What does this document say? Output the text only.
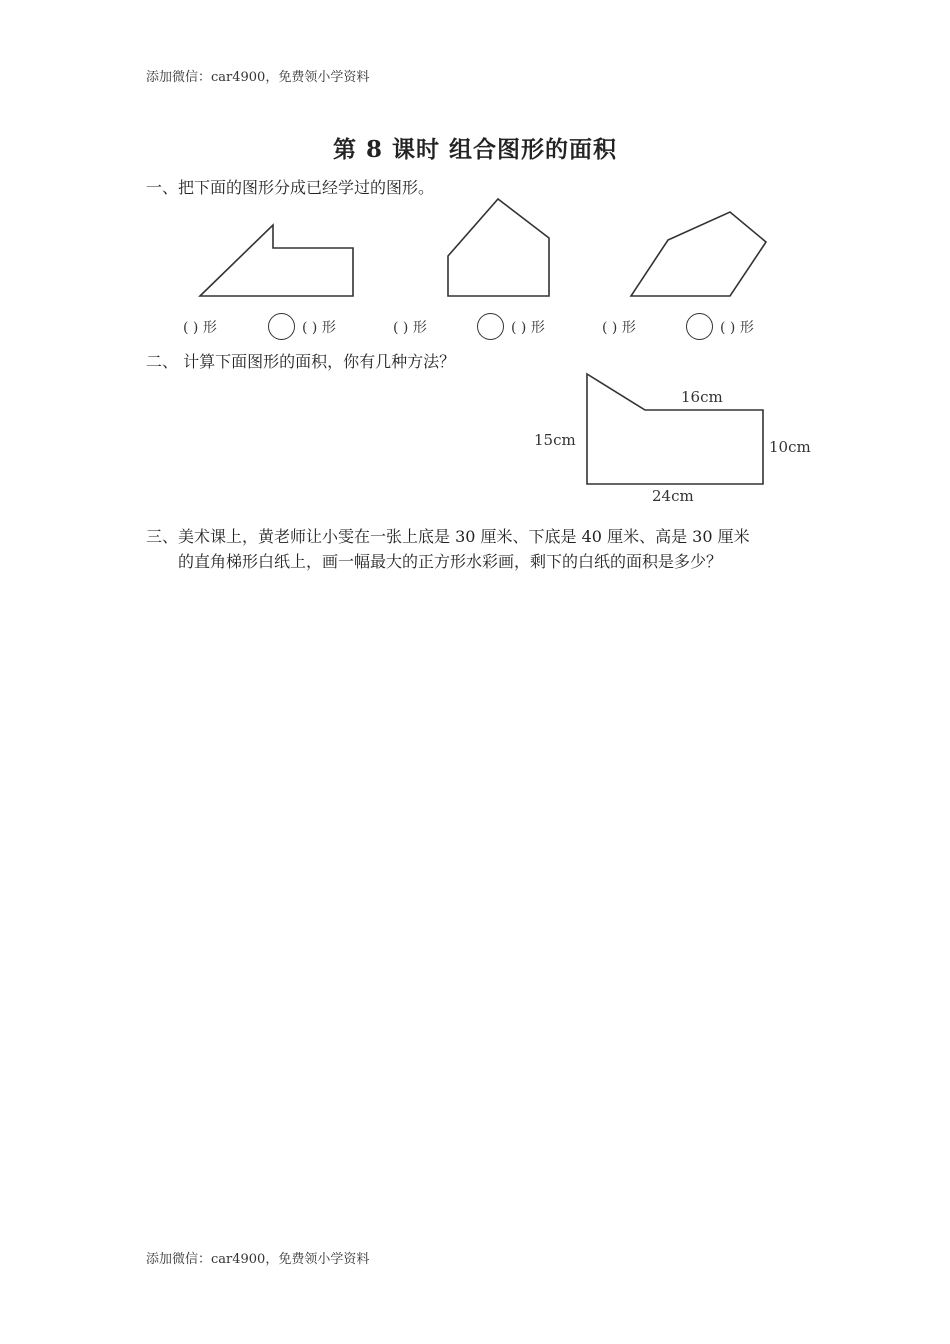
添加微信：car4900，免费领小学资料
第 8 课时 组合图形的面积
一、把下面的图形分成已经学过的图形。
16cm
15cm	10cm
24cm
( ) 形	( ) 形	( ) 形	( ) 形	( ) 形	( ) 形
二、 计算下面图形的面积，你有几种方法？
三、美术课上，黄老师让小雯在一张上底是 30 厘米、下底是 40 厘米、高是 30 厘米
的直角梯形白纸上，画一幅最大的正方形水彩画，剩下的白纸的面积是多少？
添加微信：car4900，免费领小学资料
